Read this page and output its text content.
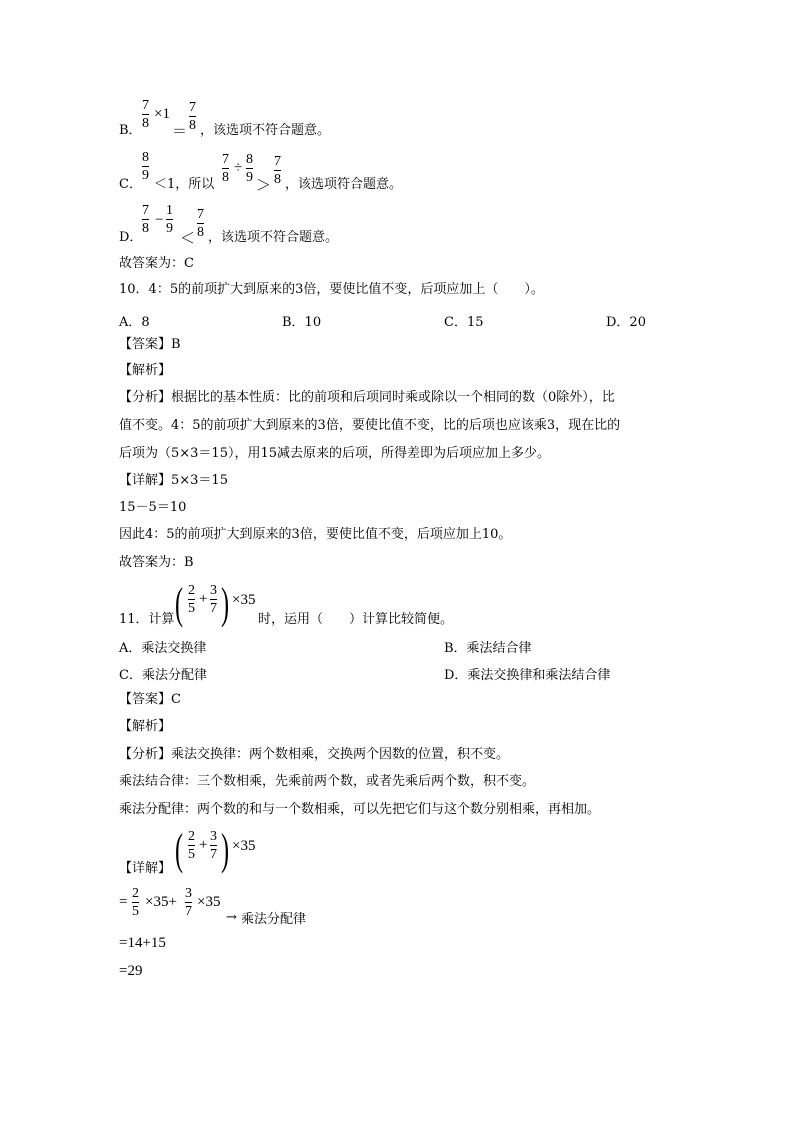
B．
7
8
×1
＝
7
8 ，该选项不符合题意。
C．
8
9
＜1，所以
7
8
÷
8
9
＞
7
8 ，该选项符合题意。
D．
7
8
−
1
9
＜
7
8 ，该选项不符合题意。
故答案为：C
10．4：5的前项扩大到原来的3倍，要使比值不变，后项应加上（　　）。
A．8	B．10	C．15	D．20
【答案】B
【解析】
【分析】根据比的基本性质：比的前项和后项同时乘或除以一个相同的数（0除外），比
值不变。4：5的前项扩大到原来的3倍，要使比值不变，比的后项也应该乘3，现在比的
后项为（5×3＝15），用15减去原来的后项，所得差即为后项应加上多少。
【详解】5×3＝15
15－5＝10
因此4：5的前项扩大到原来的3倍，要使比值不变，后项应加上10。
故答案为：B
11．计算 ( 2
5
+
3
7 ) ×35
时，运用（　　）计算比较简便。
A．乘法交换律	B．乘法结合律
C．乘法分配律	D．乘法交换律和乘法结合律
【答案】C
【解析】
【分析】乘法交换律：两个数相乘，交换两个因数的位置，积不变。
乘法结合律：三个数相乘，先乘前两个数，或者先乘后两个数，积不变。
乘法分配律：两个数的和与一个数相乘，可以先把它们与这个数分别相乘，再相加。
【详解】 ( 2
5
+
3
7 ) ×35
=
2
5
×35+
3
7
×35
→ 乘法分配律
=14+15
=29
